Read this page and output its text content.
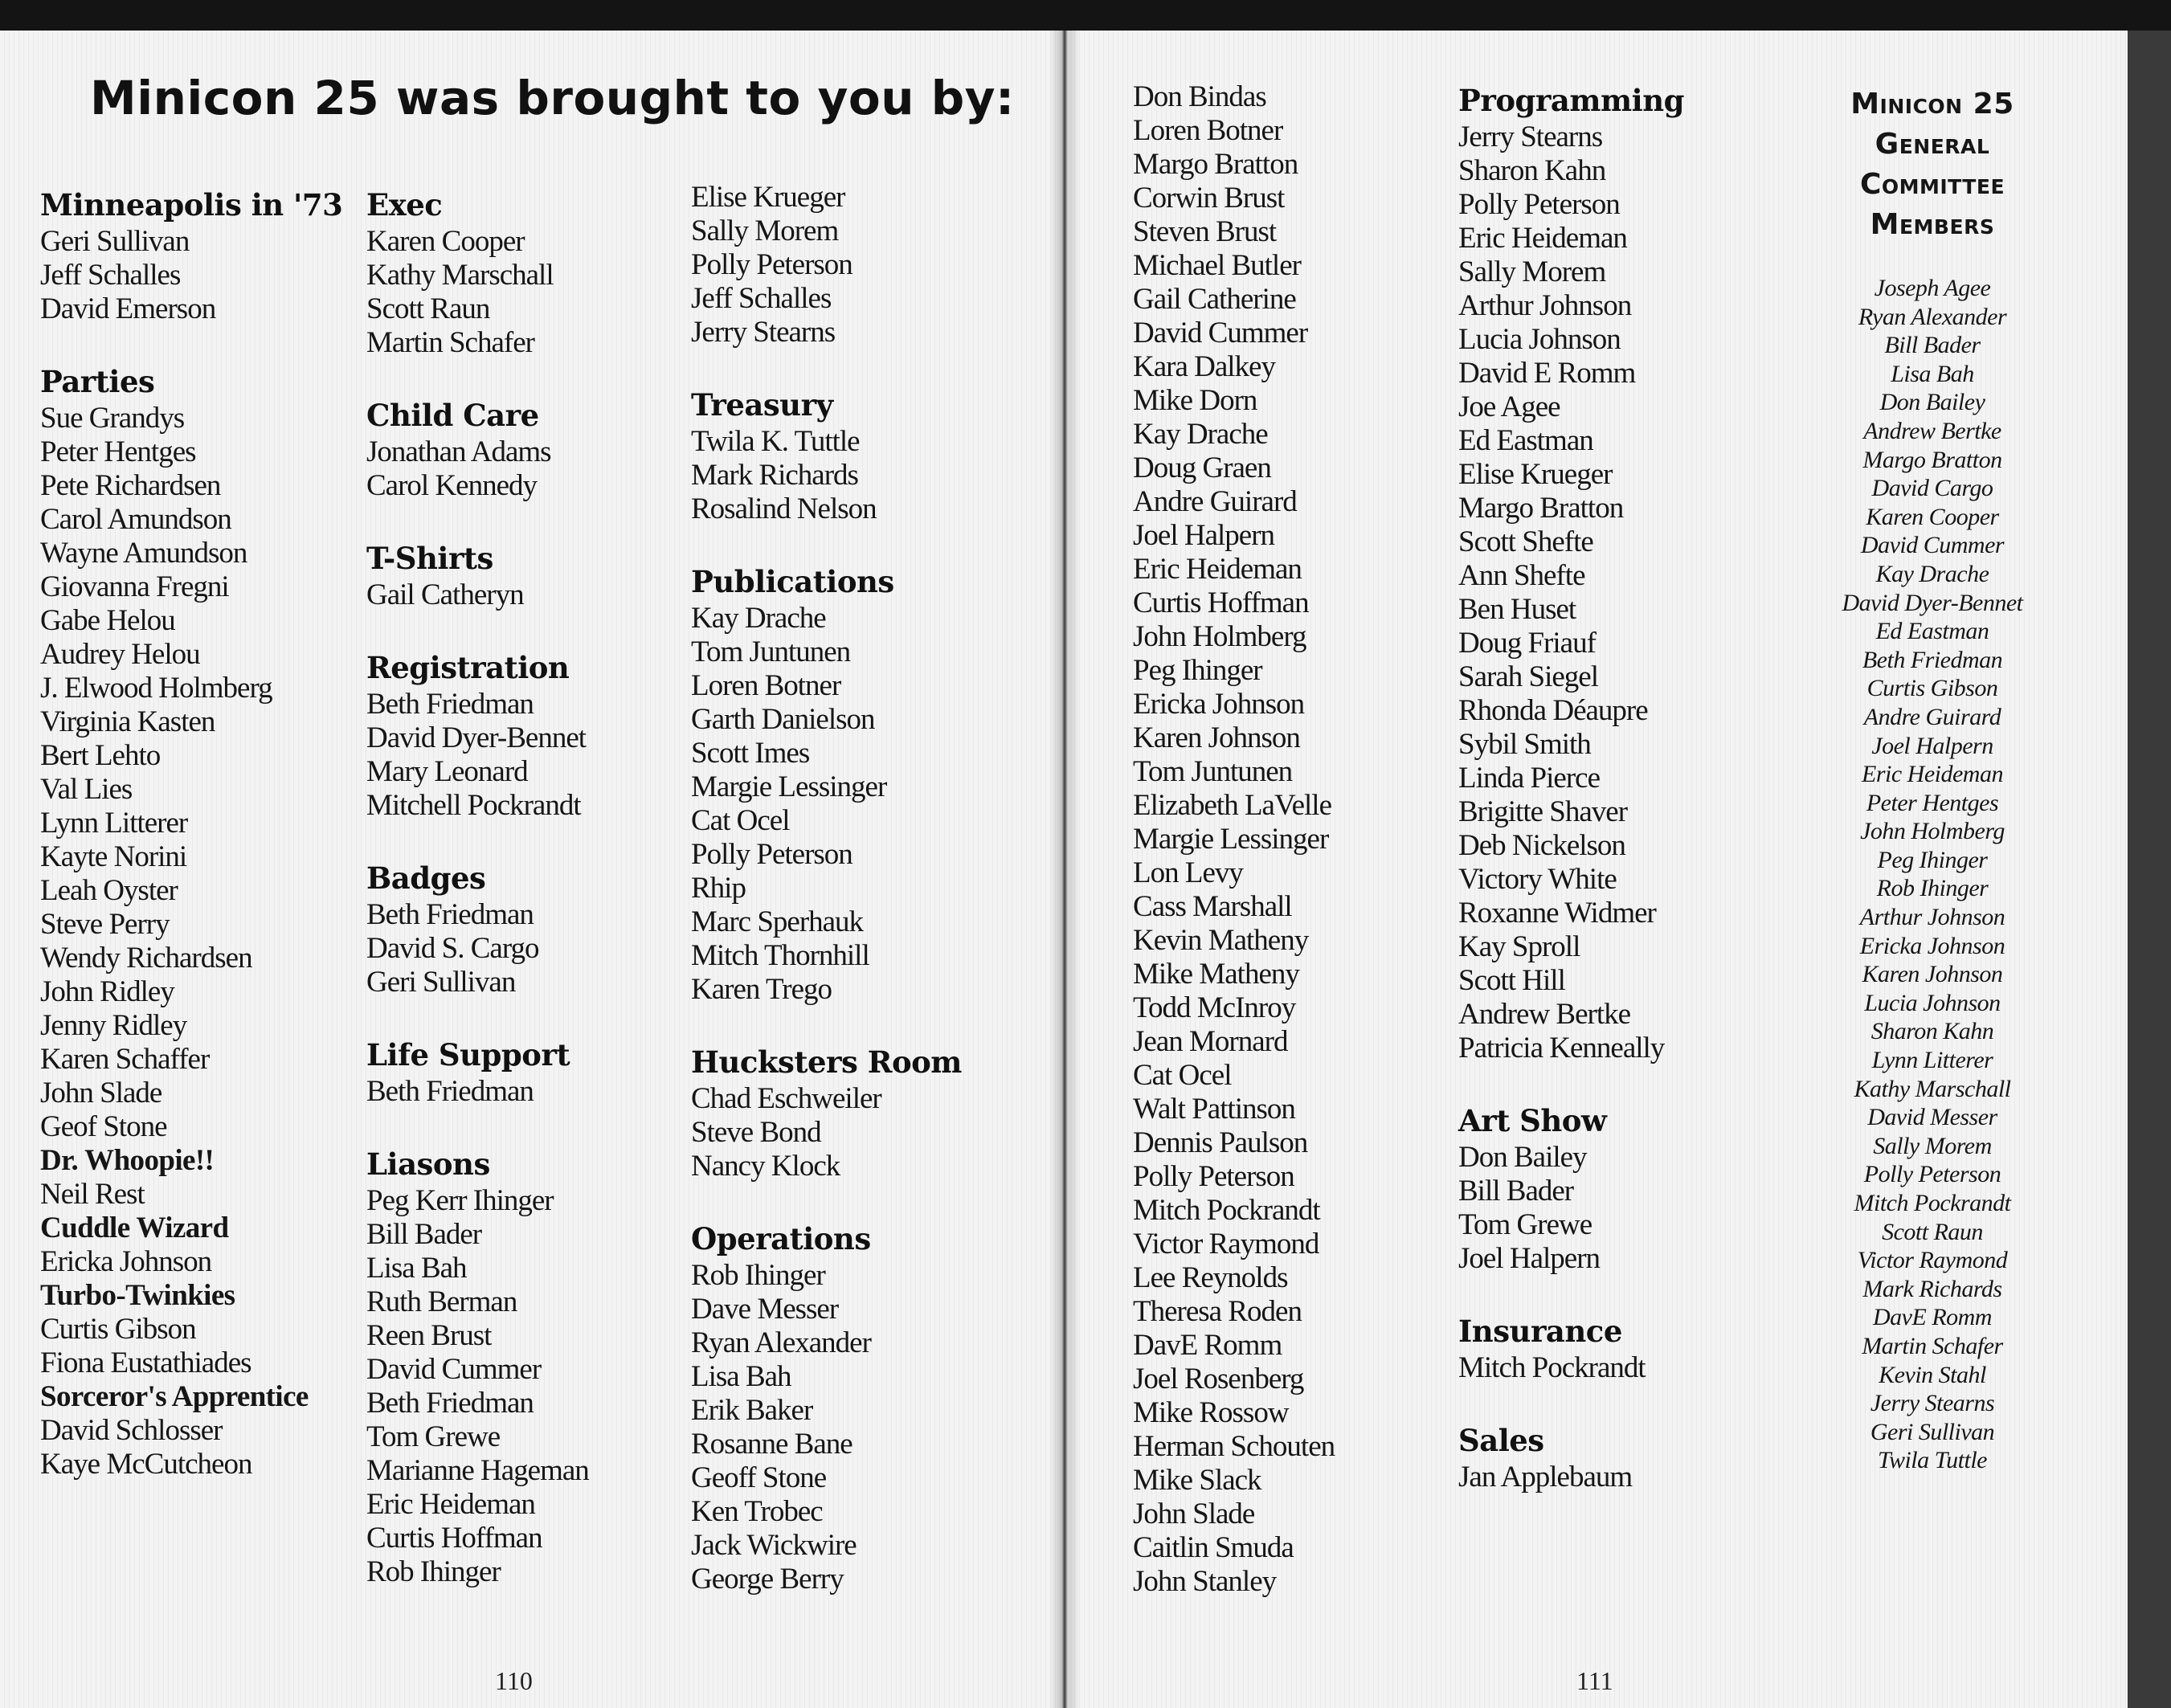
Minicon 25 was brought to you by:
Minneapolis in '73
Geri Sullivan
Jeff Schalles
David Emerson
Parties
Sue Grandys
Peter Hentges
Pete Richardsen
Carol Amundson
Wayne Amundson
Giovanna Fregni
Gabe Helou
Audrey Helou
J. Elwood Holmberg
Virginia Kasten
Bert Lehto
Val Lies
Lynn Litterer
Kayte Norini
Leah Oyster
Steve Perry
Wendy Richardsen
John Ridley
Jenny Ridley
Karen Schaffer
John Slade
Geof Stone
Dr. Whoopie!!
Neil Rest
Cuddle Wizard
Ericka Johnson
Turbo-Twinkies
Curtis Gibson
Fiona Eustathiades
Sorceror's Apprentice
David Schlosser
Kaye McCutcheon
Exec
Karen Cooper
Kathy Marschall
Scott Raun
Martin Schafer
Child Care
Jonathan Adams
Carol Kennedy
T-Shirts
Gail Catheryn
Registration
Beth Friedman
David Dyer-Bennet
Mary Leonard
Mitchell Pockrandt
Badges
Beth Friedman
David S. Cargo
Geri Sullivan
Life Support
Beth Friedman
Liasons
Peg Kerr Ihinger
Bill Bader
Lisa Bah
Ruth Berman
Reen Brust
David Cummer
Beth Friedman
Tom Grewe
Marianne Hageman
Eric Heideman
Curtis Hoffman
Rob Ihinger
Elise Krueger
Sally Morem
Polly Peterson
Jeff Schalles
Jerry Stearns
Treasury
Twila K. Tuttle
Mark Richards
Rosalind Nelson
Publications
Kay Drache
Tom Juntunen
Loren Botner
Garth Danielson
Scott Imes
Margie Lessinger
Cat Ocel
Polly Peterson
Rhip
Marc Sperhauk
Mitch Thornhill
Karen Trego
Hucksters Room
Chad Eschweiler
Steve Bond
Nancy Klock
Operations
Rob Ihinger
Dave Messer
Ryan Alexander
Lisa Bah
Erik Baker
Rosanne Bane
Geoff Stone
Ken Trobec
Jack Wickwire
George Berry
Don Bindas
Loren Botner
Margo Bratton
Corwin Brust
Steven Brust
Michael Butler
Gail Catherine
David Cummer
Kara Dalkey
Mike Dorn
Kay Drache
Doug Graen
Andre Guirard
Joel Halpern
Eric Heideman
Curtis Hoffman
John Holmberg
Peg Ihinger
Ericka Johnson
Karen Johnson
Tom Juntunen
Elizabeth LaVelle
Margie Lessinger
Lon Levy
Cass Marshall
Kevin Matheny
Mike Matheny
Todd McInroy
Jean Mornard
Cat Ocel
Walt Pattinson
Dennis Paulson
Polly Peterson
Mitch Pockrandt
Victor Raymond
Lee Reynolds
Theresa Roden
DavE Romm
Joel Rosenberg
Mike Rossow
Herman Schouten
Mike Slack
John Slade
Caitlin Smuda
John Stanley
Programming
Jerry Stearns
Sharon Kahn
Polly Peterson
Eric Heideman
Sally Morem
Arthur Johnson
Lucia Johnson
David E Romm
Joe Agee
Ed Eastman
Elise Krueger
Margo Bratton
Scott Shefte
Ann Shefte
Ben Huset
Doug Friauf
Sarah Siegel
Rhonda Déaupre
Sybil Smith
Linda Pierce
Brigitte Shaver
Deb Nickelson
Victory White
Roxanne Widmer
Kay Sproll
Scott Hill
Andrew Bertke
Patricia Kenneally
Art Show
Don Bailey
Bill Bader
Tom Grewe
Joel Halpern
Insurance
Mitch Pockrandt
Sales
Jan Applebaum
Minicon 25
General
Committee
Members
Joseph Agee
Ryan Alexander
Bill Bader
Lisa Bah
Don Bailey
Andrew Bertke
Margo Bratton
David Cargo
Karen Cooper
David Cummer
Kay Drache
David Dyer-Bennet
Ed Eastman
Beth Friedman
Curtis Gibson
Andre Guirard
Joel Halpern
Eric Heideman
Peter Hentges
John Holmberg
Peg Ihinger
Rob Ihinger
Arthur Johnson
Ericka Johnson
Karen Johnson
Lucia Johnson
Sharon Kahn
Lynn Litterer
Kathy Marschall
David Messer
Sally Morem
Polly Peterson
Mitch Pockrandt
Scott Raun
Victor Raymond
Mark Richards
DavE Romm
Martin Schafer
Kevin Stahl
Jerry Stearns
Geri Sullivan
Twila Tuttle
110	111
